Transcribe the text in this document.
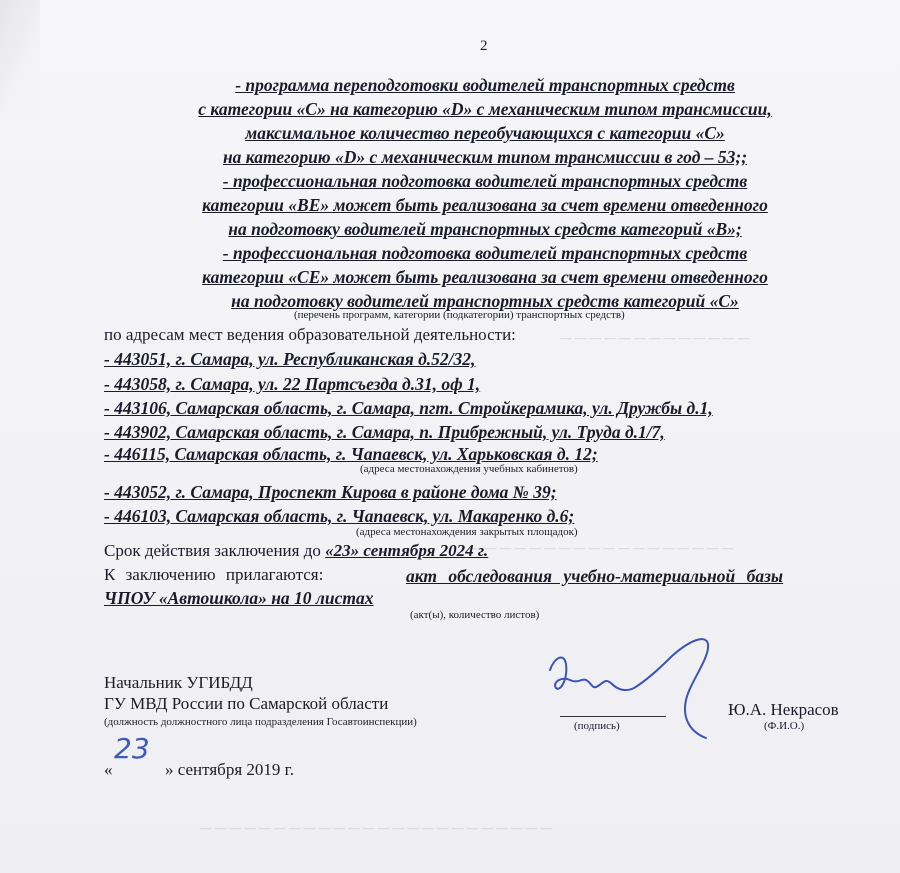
— — — — — — — — — — — — —
— — — — — — — — — — — — — — — — — —
— — — — — — — — — — — — — — — — — — — — — — — —
2
- программа переподготовки водителей транспортных средств
с категории «С» на категорию «D» с механическим типом трансмиссии,
максимальное количество переобучающихся с категории «С»
на категорию «D» с механическим типом трансмиссии в год – 53;;
- профессиональная подготовка водителей транспортных средств
категории «ВЕ» может быть реализована за счет времени отведенного
на подготовку водителей транспортных средств категорий «В»;
- профессиональная подготовка водителей транспортных средств
категории «СЕ» может быть реализована за счет времени отведенного
на подготовку водителей транспортных средств категорий «С»
(перечень программ, категории (подкатегории) транспортных средств)
по адресам мест ведения образовательной деятельности:
- 443051, г. Самара, ул. Республиканская д.52/32,
- 443058, г. Самара, ул. 22 Партсъезда д.31, оф 1,
- 443106, Самарская область, г. Самара, пгт. Стройкерамика, ул. Дружбы д.1,
- 443902, Самарская область, г. Самара, п. Прибрежный, ул. Труда д.1/7,
- 446115, Самарская область, г. Чапаевск, ул. Харьковская д. 12;
(адреса местонахождения учебных кабинетов)
- 443052, г. Самара, Проспект Кирова в районе дома № 39;
- 446103, Самарская область, г. Чапаевск, ул. Макаренко д.6;
(адреса местонахождения закрытых площадок)
Срок действия заключения до «23» сентября 2024 г.
К заключению прилагаются:	акт обследования учебно-материальной базы
ЧПОУ «Автошкола» на 10 листах
(акт(ы), количество листов)
Начальник УГИБДД
ГУ МВД России по Самарской области
(должность должностного лица подразделения Госавтоинспекции)	(подпись)
Ю.А. Некрасов
(Ф.И.О.)
«
23
» сентября 2019 г.
